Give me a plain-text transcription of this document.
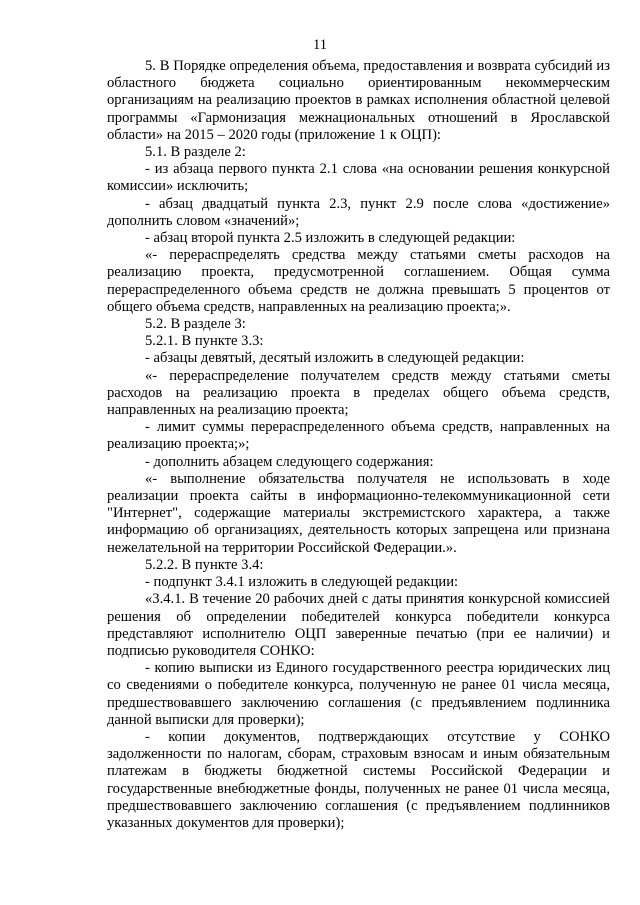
11

5. В Порядке определения объема, предоставления и возврата субсидий из областного бюджета социально ориентированным некоммерческим организациям на реализацию проектов в рамках исполнения областной целевой программы «Гармонизация межнациональных отношений в Ярославской области» на 2015 – 2020 годы (приложение 1 к ОЦП):

5.1. В разделе 2:

- из абзаца первого пункта 2.1 слова «на основании решения конкурсной комиссии» исключить;

- абзац двадцатый пункта 2.3, пункт 2.9 после слова «достижение» дополнить словом «значений»;

- абзац второй пункта 2.5 изложить в следующей редакции:

«- перераспределять средства между статьями сметы расходов на реализацию проекта, предусмотренной соглашением. Общая сумма перераспределенного объема средств не должна превышать 5 процентов от общего объема средств, направленных на реализацию проекта;».

5.2. В разделе 3:

5.2.1. В пункте 3.3:

- абзацы девятый, десятый изложить в следующей редакции:

«- перераспределение получателем средств между статьями сметы расходов на реализацию проекта в пределах общего объема средств, направленных на реализацию проекта;

- лимит суммы перераспределенного объема средств, направленных на реализацию проекта;»;

- дополнить абзацем следующего содержания:

«- выполнение обязательства получателя не использовать в ходе реализации проекта сайты в информационно-телекоммуникационной сети "Интернет", содержащие материалы экстремистского характера, а также информацию об организациях, деятельность которых запрещена или признана нежелательной на территории Российской Федерации.».

5.2.2. В пункте 3.4:

- подпункт 3.4.1 изложить в следующей редакции:

«3.4.1. В течение 20 рабочих дней с даты принятия конкурсной комиссией решения об определении победителей конкурса победители конкурса представляют исполнителю ОЦП заверенные печатью (при ее наличии) и подписью руководителя СОНКО:

- копию выписки из Единого государственного реестра юридических лиц со сведениями о победителе конкурса, полученную не ранее 01 числа месяца, предшествовавшего заключению соглашения (с предъявлением подлинника данной выписки для проверки);

- копии документов, подтверждающих отсутствие у СОНКО задолженности по налогам, сборам, страховым взносам и иным обязательным платежам в бюджеты бюджетной системы Российской Федерации и государственные внебюджетные фонды, полученных не ранее 01 числа месяца, предшествовавшего заключению соглашения (с предъявлением подлинников указанных документов для проверки);
